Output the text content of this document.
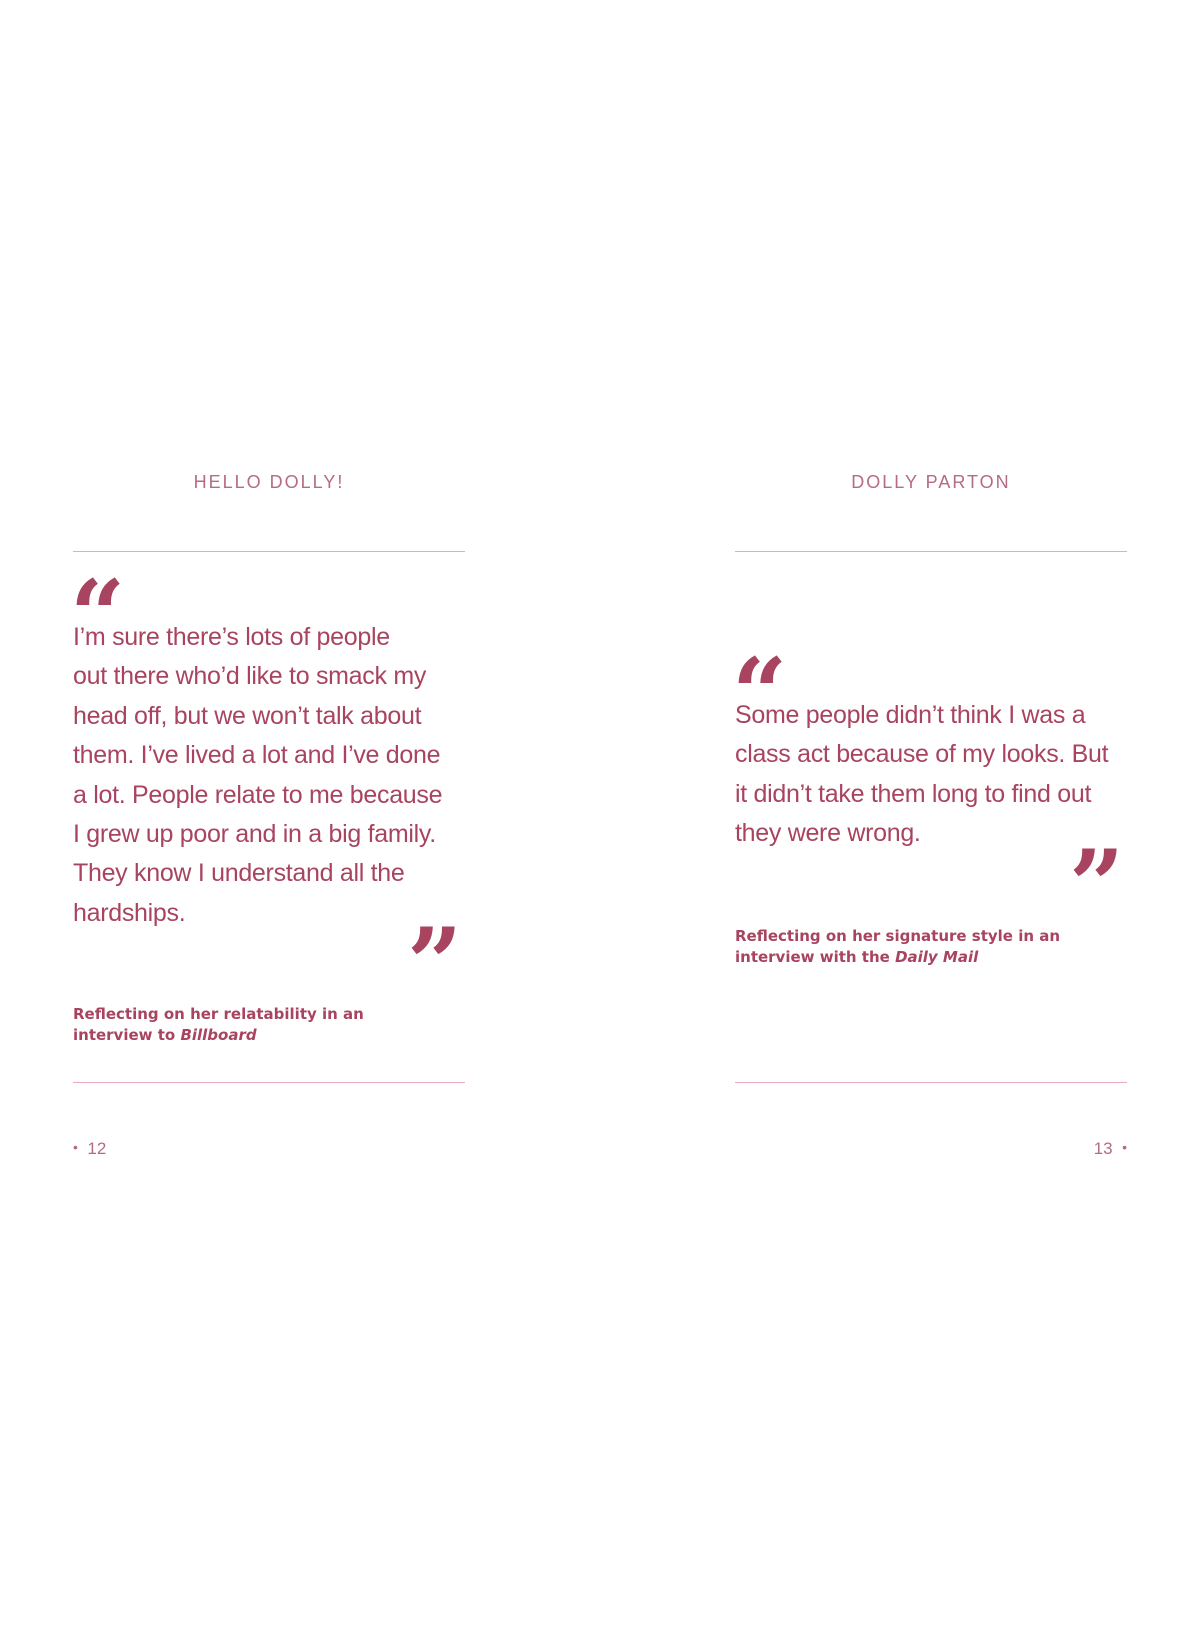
HELLO DOLLY!
“
I’m sure there’s lots of people
out there who’d like to smack my
head off, but we won’t talk about
them. I’ve lived a lot and I’ve done
a lot. People relate to me because
I grew up poor and in a big family.
They know I understand all the
hardships.	”
Reflecting on her relatability in an
interview to Billboard
• 12
DOLLY PARTON
“
Some people didn’t think I was a
class act because of my looks. But
it didn’t take them long to find out
they were wrong.	”
Reflecting on her signature style in an
interview with the Daily Mail
13 •
